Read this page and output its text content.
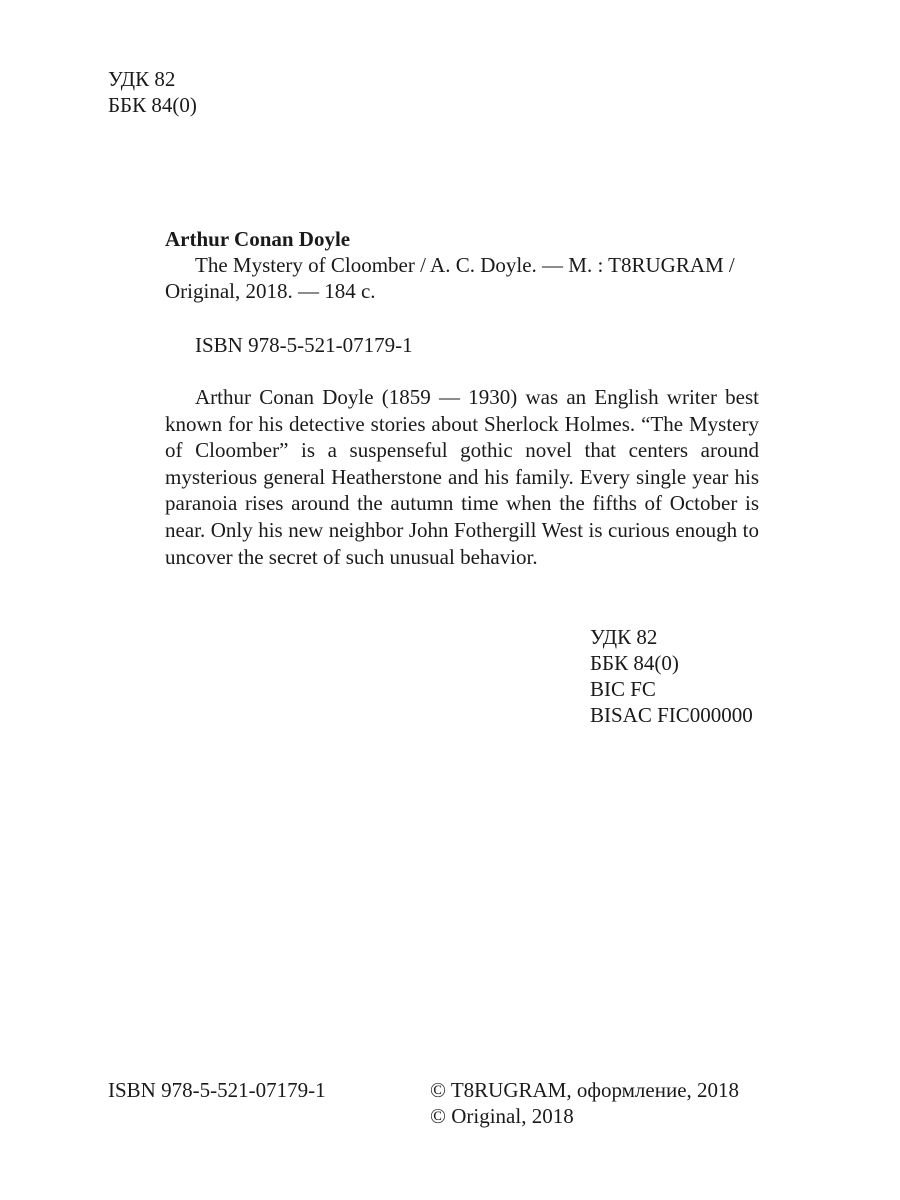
УДК 82
ББК 84(0)
Arthur Conan Doyle
The Mystery of Cloomber / A. C. Doyle. — M. : T8RUGRAM /
Original, 2018. — 184 с.
ISBN 978-5-521-07179-1
Arthur Conan Doyle (1859 — 1930) was an English writer best known for his detective stories about Sherlock Holmes. “The Mystery of Cloomber” is a suspenseful gothic novel that centers around mysterious general Heatherstone and his family. Every single year his paranoia rises around the autumn time when the fifths of October is near. Only his new neighbor John Fothergill West is curious enough to uncover the secret of such unusual behavior.
УДК 82
ББК 84(0)
BIC FC
BISAC FIC000000
ISBN 978-5-521-07179-1	© T8RUGRAM, оформление, 2018
© Original, 2018
